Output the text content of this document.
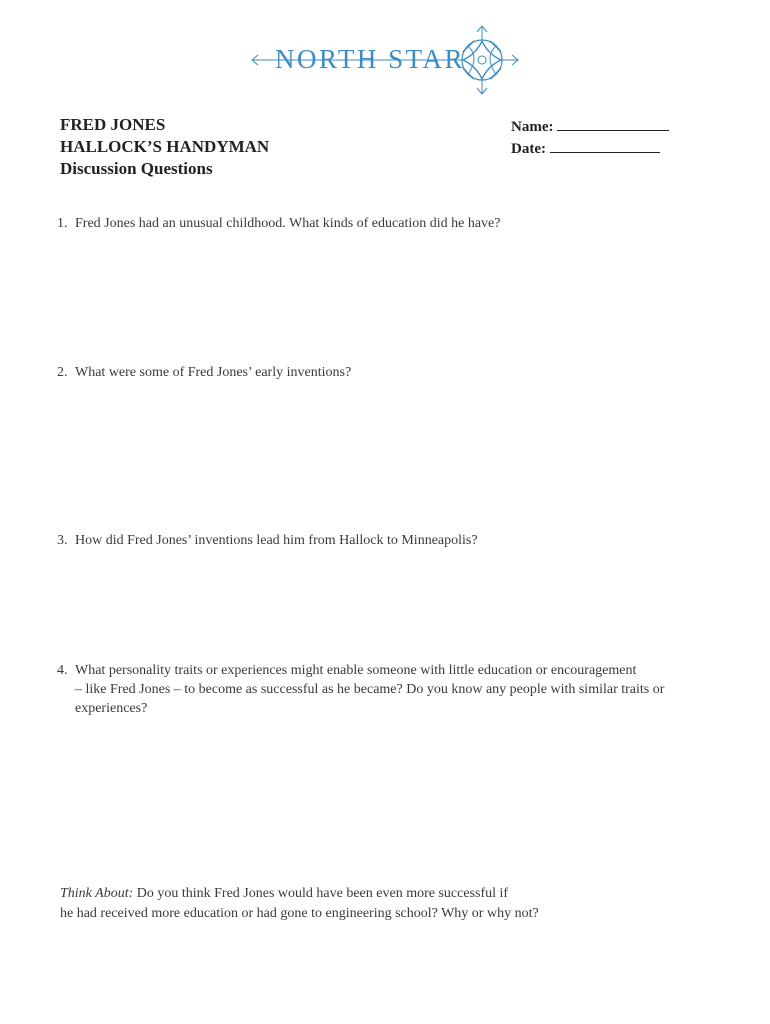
NORTH STAR
FRED JONES
HALLOCK’S HANDYMAN
Discussion Questions
Name:
Date:
1. Fred Jones had an unusual childhood. What kinds of education did he have?
2. What were some of Fred Jones’ early inventions?
3. How did Fred Jones’ inventions lead him from Hallock to Minneapolis?
4. What personality traits or experiences might enable someone with little education or encouragement
– like Fred Jones – to become as successful as he became? Do you know any people with similar traits or
experiences?
Think About: Do you think Fred Jones would have been even more successful if
he had received more education or had gone to engineering school? Why or why not?
